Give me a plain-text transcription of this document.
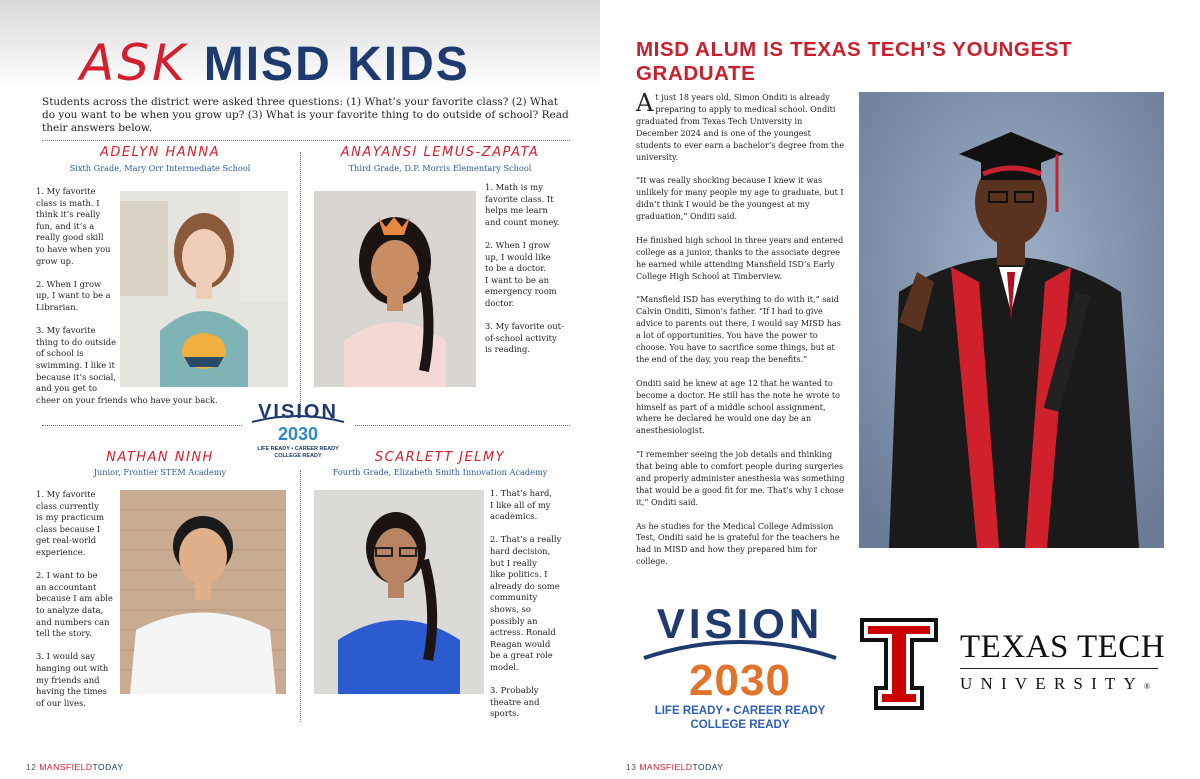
ASK MISD KIDS
Students across the district were asked three questions: (1) What’s your favorite class? (2) What do you want to be when you grow up? (3) What is your favorite thing to do outside of school? Read their answers below.
ADELYN HANNA
Sixth Grade, Mary Orr Intermediate School
1. My favorite
class is math. I
think it’s really
fun, and it’s a
really good skill
to have when you
grow up.

2. When I grow
up, I want to be a
Librarian.

3. My favorite
thing to do outside
of school is
swimming. I like it
because it’s social,
and you get to
cheer on your friends who have your back.
ANAYANSI LEMUS-ZAPATA
Third Grade, D.P. Morris Elementary School
1. Math is my
favorite class. It
helps me learn
and count money.

2. When I grow
up, I would like
to be a doctor.
I want to be an
emergency room
doctor.

3. My favorite out-
of-school activity
is reading.
VISION
2030
LIFE READY • CAREER READY
COLLEGE READY
NATHAN NINH
Junior, Frontier STEM Academy
1. My favorite
class currently
is my practicum
class because I
get real-world
experience.

2. I want to be
an accountant
because I am able
to analyze data,
and numbers can
tell the story.

3. I would say
hanging out with
my friends and
having the times
of our lives.
SCARLETT JELMY
Fourth Grade, Elizabeth Smith Innovation Academy
1. That’s hard,
I like all of my
academics.

2. That’s a really
hard decision,
but I really
like politics. I
already do some
community
shows, so
possibly an
actress. Ronald
Reagan would
be a great role
model.

3. Probably
theatre and
sports.
12 MANSFIELDTODAY
MISD ALUM IS TEXAS TECH’S YOUNGEST GRADUATE

At just 18 years old, Simon Onditi is already preparing to apply to medical school. Onditi graduated from Texas Tech University in December 2024 and is one of the youngest students to ever earn a bachelor’s degree from the university.

“It was really shocking because I knew it was unlikely for many people my age to graduate, but I didn’t think I would be the youngest at my graduation,” Onditi said.

He finished high school in three years and entered college as a junior, thanks to the associate degree he earned while attending Mansfield ISD’s Early College High School at Timberview.

“Mansfield ISD has everything to do with it,” said Calvin Onditi, Simon’s father. “If I had to give advice to parents out there, I would say MISD has a lot of opportunities. You have the power to choose. You have to sacrifice some things, but at the end of the day, you reap the benefits.”

Onditi said he knew at age 12 that he wanted to become a doctor. He still has the note he wrote to himself as part of a middle school assignment, where he declared he would one day be an anesthesiologist.

“I remember seeing the job details and thinking that being able to comfort people during surgeries and properly administer anesthesia was something that would be a good fit for me. That’s why I chose it,” Onditi said.

As he studies for the Medical College Admission Test, Onditi said he is grateful for the teachers he had in MISD and how they prepared him for college.

VISION
2030
LIFE READY • CAREER READY
COLLEGE READY
13 MANSFIELDTODAY
TEXAS TECH
UNIVERSITY®
